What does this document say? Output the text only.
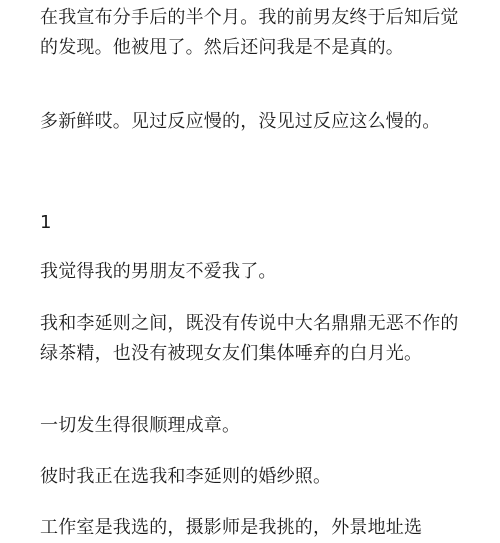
在我宣布分手后的半个月。我的前男友终于后知后觉的发现。他被甩了。然后还问我是不是真的。

多新鲜哎。见过反应慢的，没见过反应这么慢的。

1

我觉得我的男朋友不爱我了。

我和李延则之间，既没有传说中大名鼎鼎无恶不作的绿茶精，也没有被现女友们集体唾弃的白月光。

一切发生得很顺理成章。

彼时我正在选我和李延则的婚纱照。

工作室是我选的，摄影师是我挑的，外景地址选
